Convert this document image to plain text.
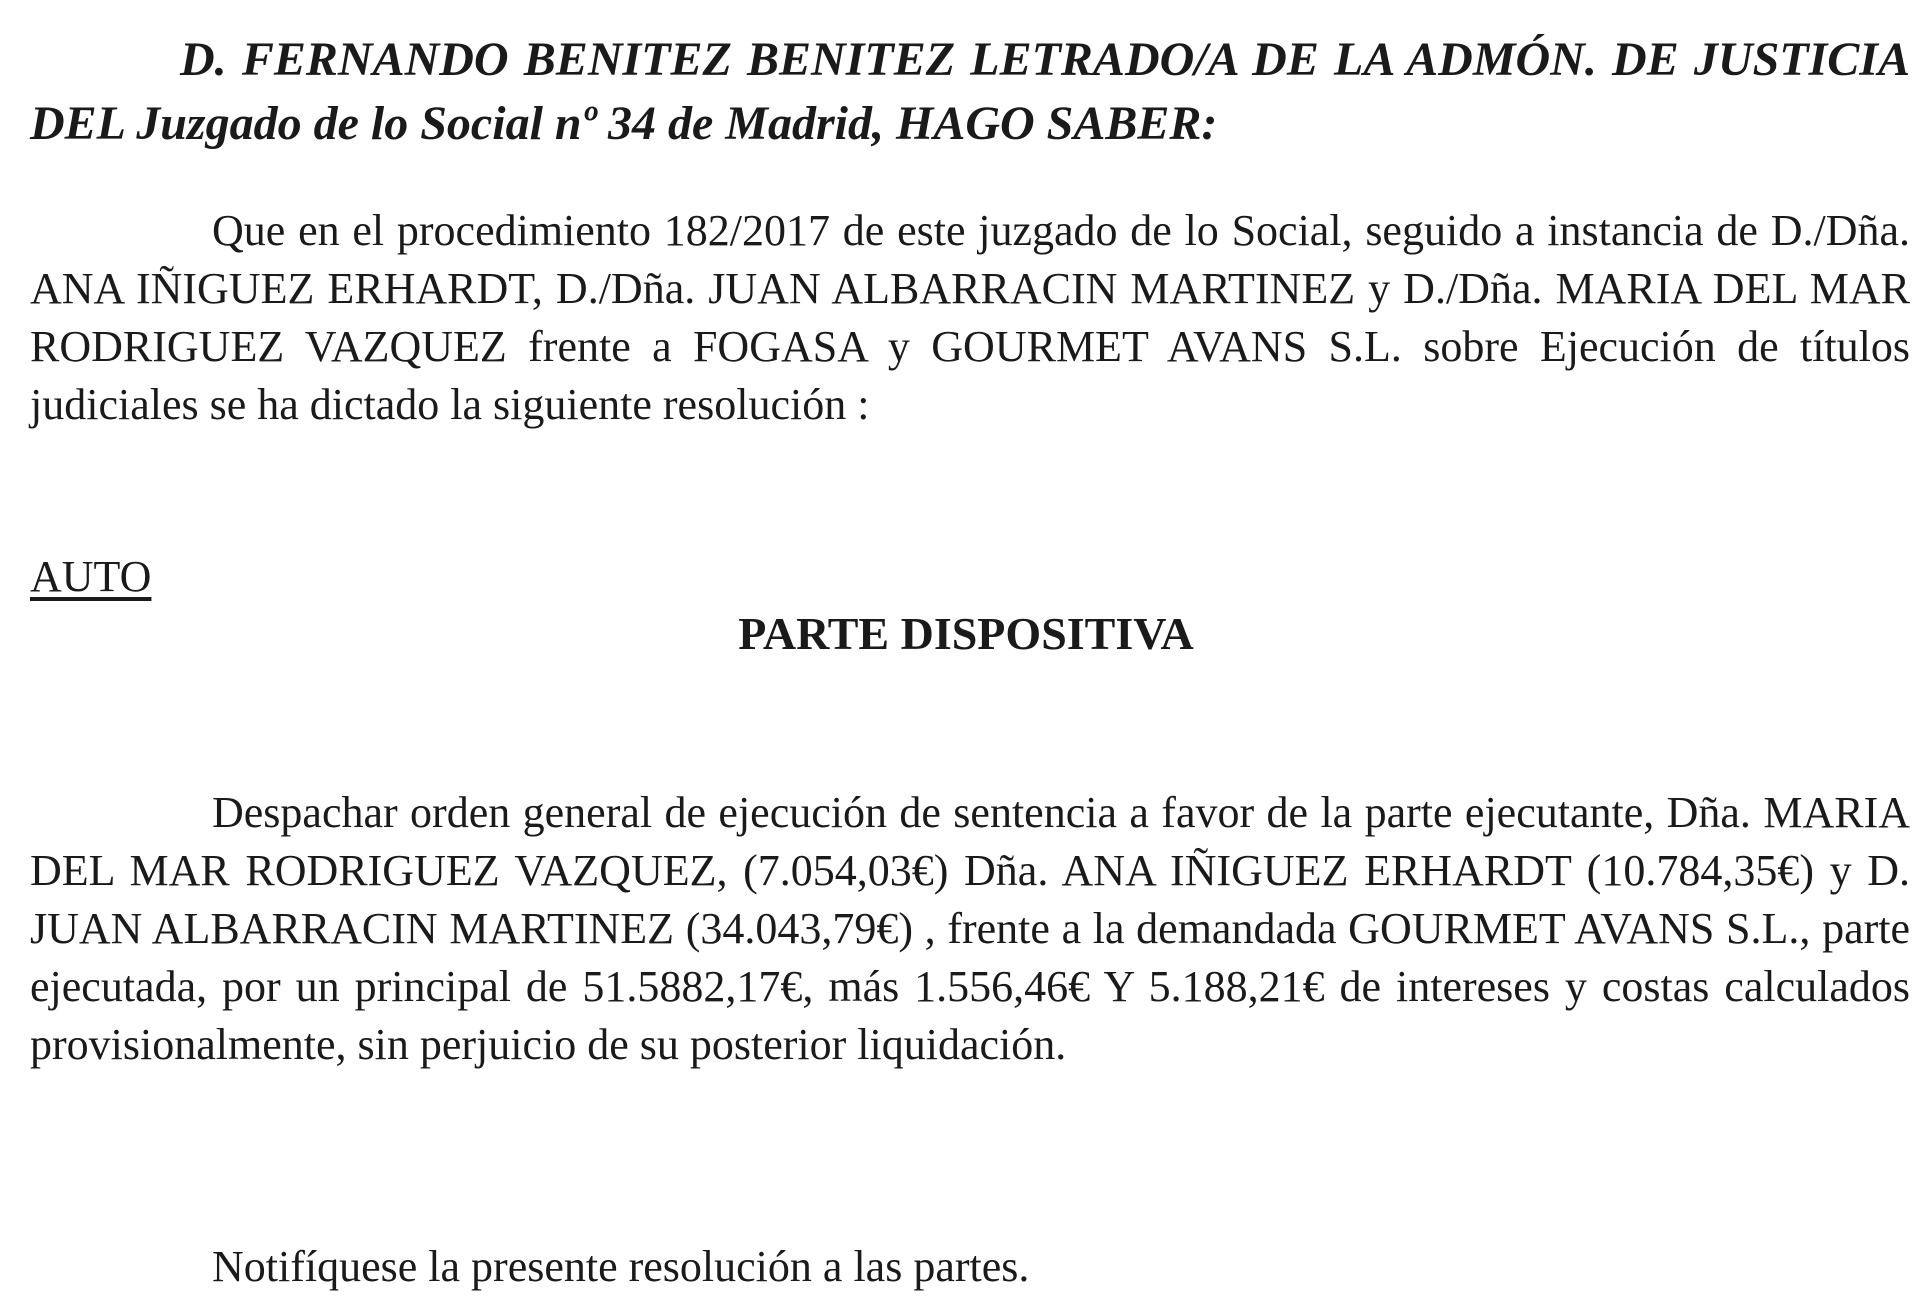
D. FERNANDO BENITEZ BENITEZ LETRADO/A DE LA ADMÓN. DE JUSTICIA DEL Juzgado de lo Social nº 34 de Madrid, HAGO SABER:
Que en el procedimiento 182/2017 de este juzgado de lo Social, seguido a instancia de D./Dña. ANA IÑIGUEZ ERHARDT, D./Dña. JUAN ALBARRACIN MARTINEZ y D./Dña. MARIA DEL MAR RODRIGUEZ VAZQUEZ frente a FOGASA y GOURMET AVANS S.L. sobre Ejecución de títulos judiciales se ha dictado la siguiente resolución :
AUTO
PARTE DISPOSITIVA
Despachar orden general de ejecución de sentencia a favor de la parte ejecutante, Dña. MARIA DEL MAR RODRIGUEZ VAZQUEZ, (7.054,03€) Dña. ANA IÑIGUEZ ERHARDT (10.784,35€) y D. JUAN ALBARRACIN MARTINEZ (34.043,79€) , frente a la demandada GOURMET AVANS S.L., parte ejecutada, por un principal de 51.5882,17€, más 1.556,46€ Y 5.188,21€ de intereses y costas calculados provisionalmente, sin perjuicio de su posterior liquidación.
Notifíquese la presente resolución a las partes.
